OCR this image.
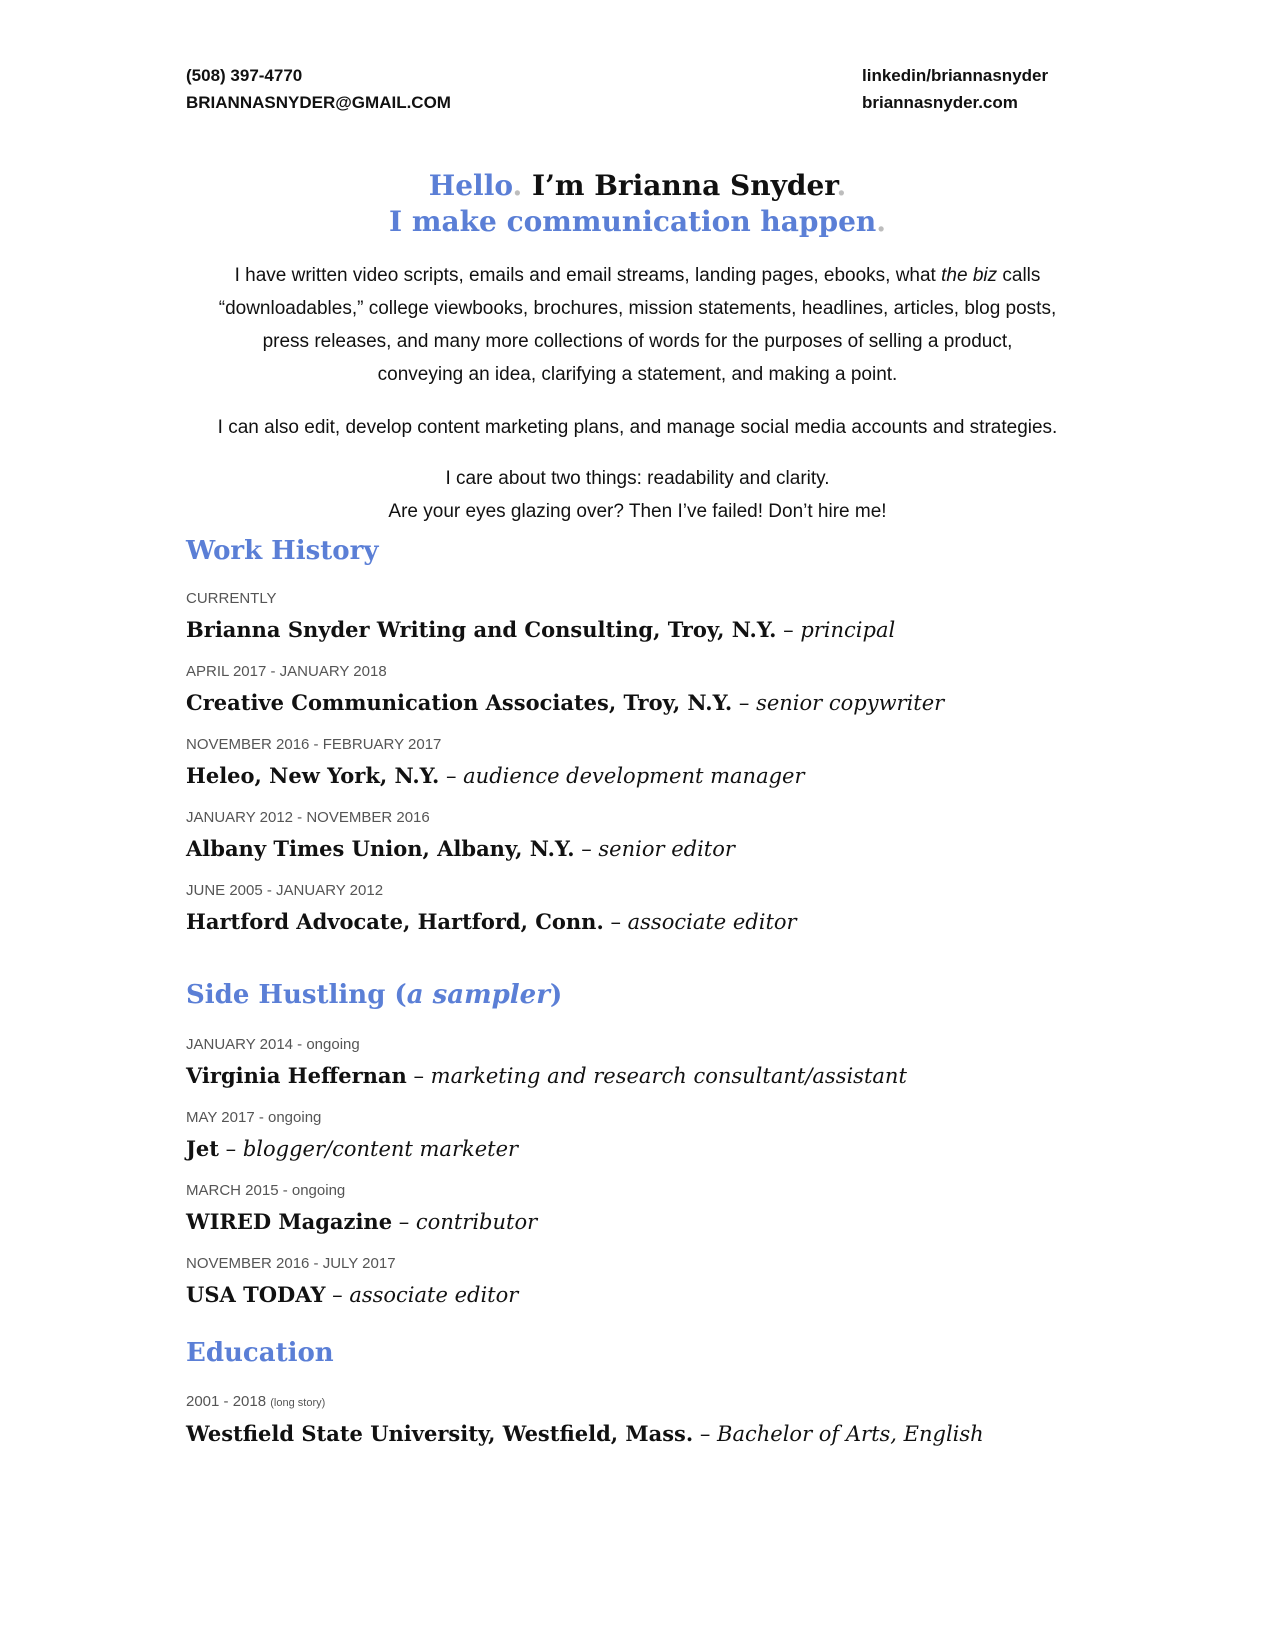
(508) 397-4770
BRIANNASNYDER@GMAIL.COM
linkedin/briannasnyder
briannasnyder.com
Hello. I’m Brianna Snyder.
I make communication happen.

I have written video scripts, emails and email streams, landing pages, ebooks, what the biz calls
“downloadables,” college viewbooks, brochures, mission statements, headlines, articles, blog posts,
press releases, and many more collections of words for the purposes of selling a product,
conveying an idea, clarifying a statement, and making a point.

I can also edit, develop content marketing plans, and manage social media accounts and strategies.

I care about two things: readability and clarity.
Are your eyes glazing over? Then I’ve failed! Don’t hire me!

Work History
CURRENTLY
Brianna Snyder Writing and Consulting, Troy, N.Y. – principal
APRIL 2017 - JANUARY 2018
Creative Communication Associates, Troy, N.Y. – senior copywriter
NOVEMBER 2016 - FEBRUARY 2017
Heleo, New York, N.Y. – audience development manager
JANUARY 2012 - NOVEMBER 2016
Albany Times Union, Albany, N.Y. – senior editor
JUNE 2005 - JANUARY 2012
Hartford Advocate, Hartford, Conn. – associate editor
Side Hustling (a sampler)
JANUARY 2014 - ongoing
Virginia Heffernan – marketing and research consultant/assistant
MAY 2017 - ongoing
Jet – blogger/content marketer
MARCH 2015 - ongoing
WIRED Magazine – contributor
NOVEMBER 2016 - JULY 2017
USA TODAY – associate editor
Education
2001 - 2018 (long story)
Westfield State University, Westfield, Mass. – Bachelor of Arts, English
